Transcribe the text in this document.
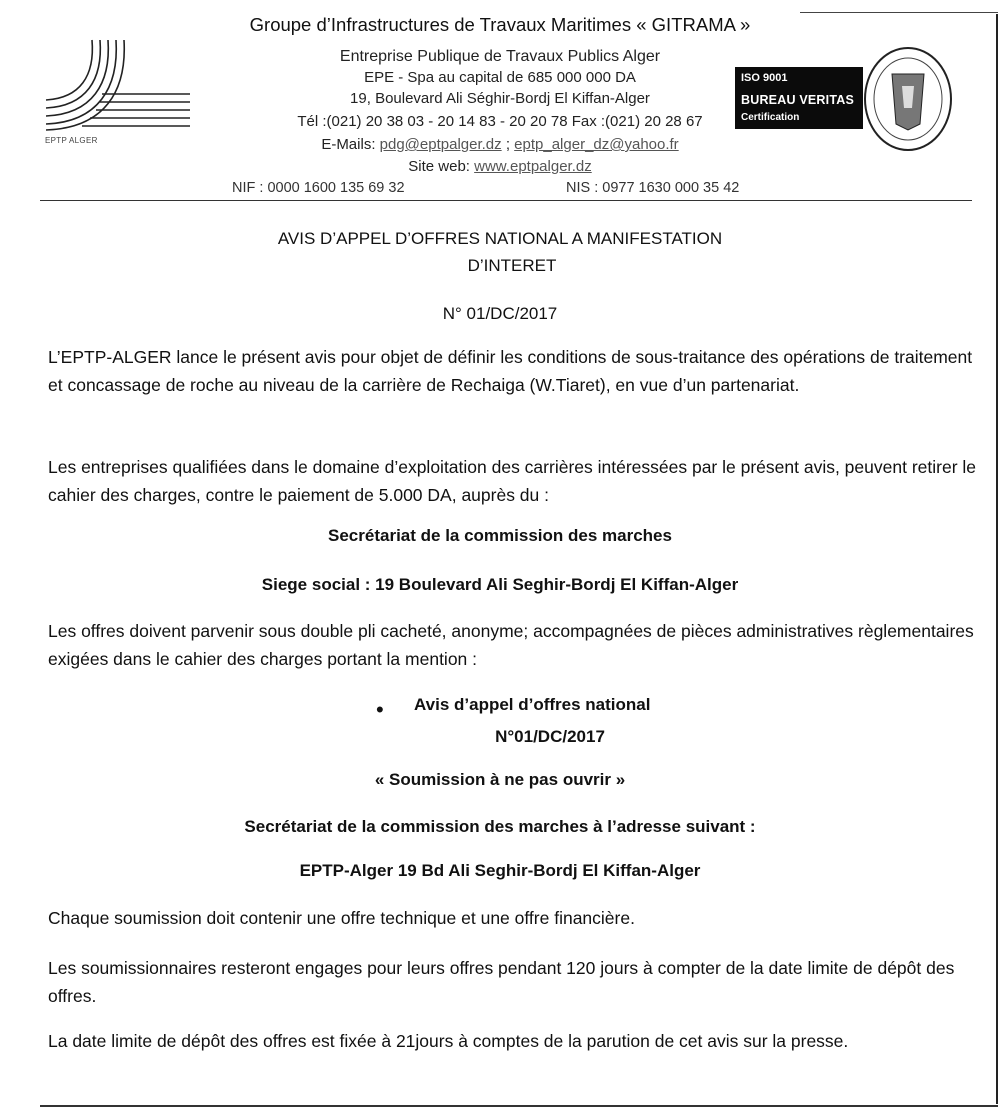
EPTP ALGER
ISO 9001
BUREAU VERITAS
Certification
Groupe d’Infrastructures de Travaux Maritimes « GITRAMA »
Entreprise Publique de Travaux Publics Alger
EPE - Spa au capital de 685 000 000 DA
19, Boulevard Ali Séghir-Bordj El Kiffan-Alger
Tél :(021) 20 38 03 - 20 14 83 - 20 20 78 Fax :(021) 20 28 67
E-Mails: pdg@eptpalger.dz ; eptp_alger_dz@yahoo.fr
Site web: www.eptpalger.dz
NIF : 0000 1600 135 69 32	NIS : 0977 1630 000 35 42
AVIS D’APPEL D’OFFRES NATIONAL A MANIFESTATION
D’INTERET
N° 01/DC/2017
L’EPTP-ALGER lance le présent avis pour objet de définir les conditions de sous-traitance des opérations de traitement et concassage de roche au niveau de la carrière de Rechaiga (W.Tiaret), en vue d’un partenariat.
Les entreprises qualifiées dans le domaine d’exploitation des carrières intéressées par le présent avis, peuvent retirer le cahier des charges, contre le paiement de 5.000 DA, auprès du :
Secrétariat de la commission des marches
Siege social : 19 Boulevard Ali Seghir-Bordj El Kiffan-Alger
Les offres doivent parvenir sous double pli cacheté, anonyme; accompagnées de pièces administratives règlementaires exigées dans le cahier des charges portant la mention :
• Avis d’appel d’offres national
N°01/DC/2017
« Soumission à ne pas ouvrir »
Secrétariat de la commission des marches à l’adresse suivant :
EPTP-Alger 19 Bd Ali Seghir-Bordj El Kiffan-Alger
Chaque soumission doit contenir une offre technique et une offre financière.
Les soumissionnaires resteront engages pour leurs offres pendant 120 jours à compter de la date limite de dépôt des offres.
La date limite de dépôt des offres est fixée à 21jours à comptes de la parution de cet avis sur la presse.
